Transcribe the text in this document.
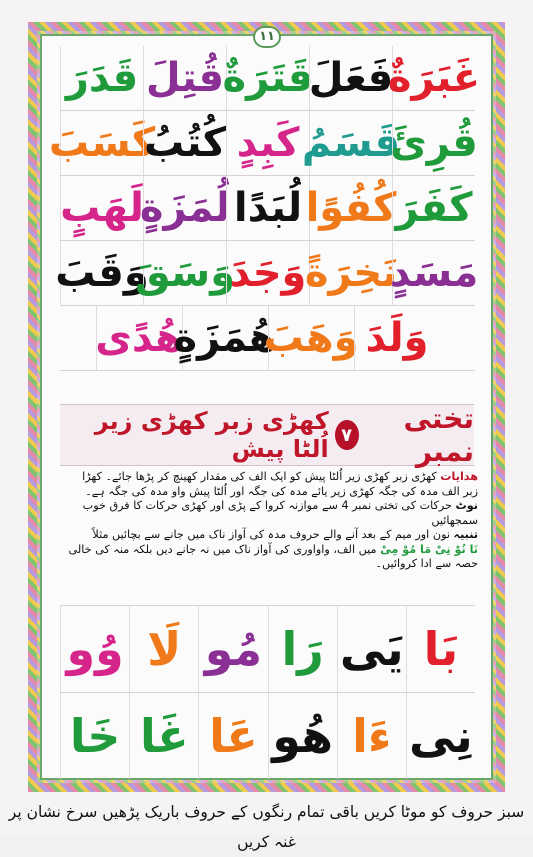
۱۱
غَبَرَةٌ
فَعَلَ
قَتَرَةٌ
قُتِلَ
قَدَرَ
قُرِئَ
قَسَمُ
كَبِدٍ
كُتُبُ
كَسَبَ
كَفَرَ
كُفُوًا
لُبَدًا
لُمَزَةٍ
لَهَبٍ
مَسَدٍ
نَخِرَةً
وَجَدَ
وَسَقَ
وَقَبَ
وَلَدَ
وَهَبَ
هُمَزَةٍ
هُدًى
تختی نمبر
۷
کھڑی زبر کھڑی زیر اُلٹا پیش

ھدایات کھڑی زبر کھڑی زیر اُلٹا پیش کو ایک الف کی مقدار کھینچ کر پڑھا جائے۔ کھڑا

زبر الف مدہ کی جگہ کھڑی زیر یائے مدہ کی جگہ اور اُلٹا پیش واو مدہ کی جگہ ہے۔

نوٹ حرکات کی تختی نمبر 4 سے موازنہ کروا کے پڑی اور کھڑی حرکات کا فرق خوب سمجھائیں

تنبیہ نون اور میم کے بعد آنے والے حروف مدہ کی آواز ناک میں جانے سے بچائیں مثلاً

نَا نُوْ نِیْ مَا مُوْ مِیْ میں الف، واواوری کی آواز ناک میں نہ جانے دیں بلکہ منہ کی خالی

حصہ سے ادا کروائیں۔

بَا
يَى
رَا
مُو
لَا
وُو
نِی
ءَا
هُو
عَا
غَا
خَا
سبز حروف کو موٹا کریں باقی تمام رنگوں کے حروف باریک پڑھیں سرخ نشان پر غنہ کریں
